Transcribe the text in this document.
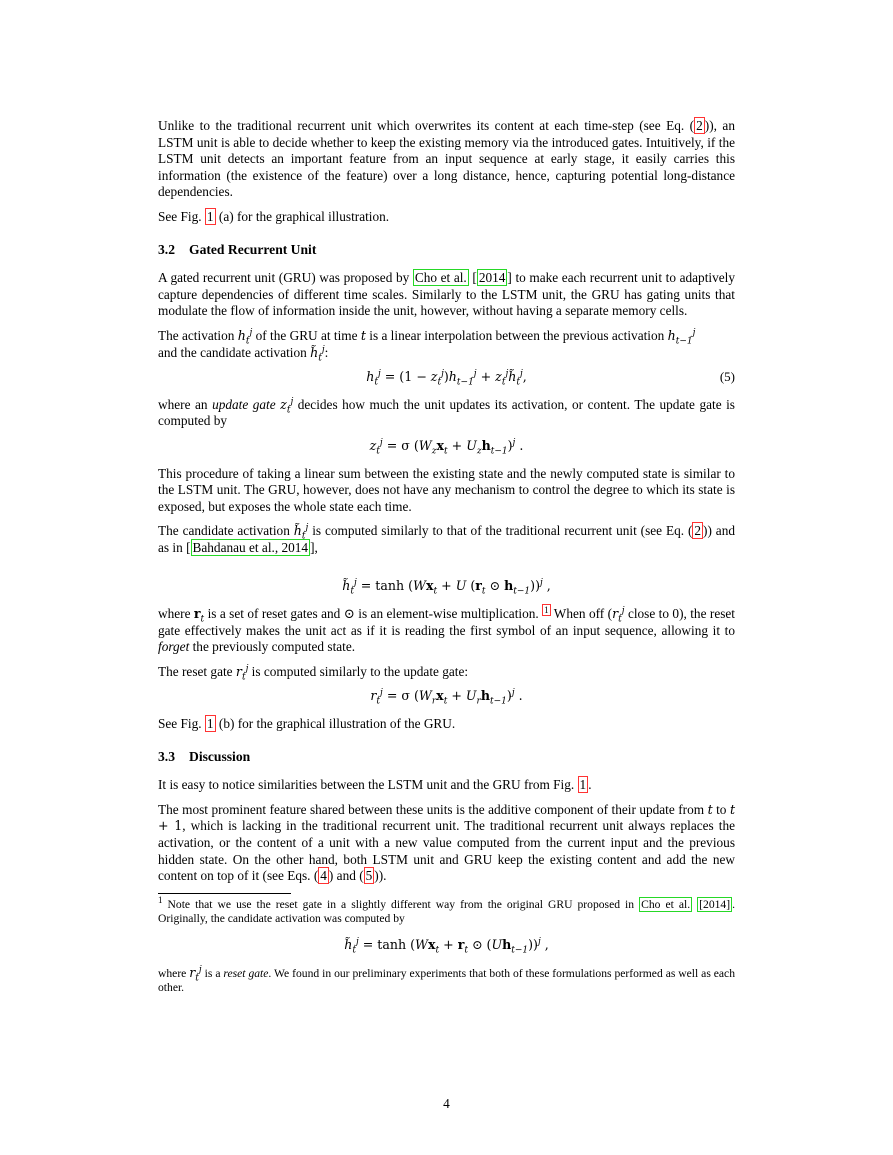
Unlike to the traditional recurrent unit which overwrites its content at each time-step (see Eq. ( 2 )), an LSTM unit is able to decide whether to keep the existing memory via the introduced gates. Intuitively, if the LSTM unit detects an important feature from an input sequence at early stage, it easily carries this information (the existence of the feature) over a long distance, hence, capturing potential long-distance dependencies.

See Fig. 1 (a) for the graphical illustration.

3.2 Gated Recurrent Unit

A gated recurrent unit (GRU) was proposed by Cho et al. [ 2014 ] to make each recurrent unit to adaptively capture dependencies of different time scales. Similarly to the LSTM unit, the GRU has gating units that modulate the flow of information inside the unit, however, without having a separate memory cells.

The activation $h_t^j$ of the GRU at time t is a linear interpolation between the previous activation $h_{t-1}^j$
and the candidate activation $h̃_t^j$:

$h_t^j = (1 - z_t^j)h_{t-1}^j$ + $z_t^jh̃_t^j$,	(5)

where an update gate $z_t^j$ decides how much the unit updates its activation, or content. The update gate is computed by

$z_t^j = \sigma$ $(W_zx_t + U_zh_{t-1})^j$ .

This procedure of taking a linear sum between the existing state and the newly computed state is similar to the LSTM unit. The GRU, however, does not have any mechanism to control the degree to which its state is exposed, but exposes the whole state each time.

The candidate activation $h̃_t^j$ is computed similarly to that of the traditional recurrent unit (see Eq. ( 2 )) and as in [ Bahdanau et al., 2014 ],

$h̃_t^j = \tanh (Wx_t + U$ ($r_t$ ⊙ $h_{t-1}))^j$ ,

where $r_t$ is a set of reset gates and ⊙ is an element-wise multiplication. $^1$ When off ($r_t^j$ close to 0), the reset gate effectively makes the unit act as if it is reading the first symbol of an input sequence, allowing it to forget the previously computed state.

The reset gate $r_t^j$ is computed similarly to the update gate:

$r_t^j = \sigma$ $(W_rx_t + U_rh_{t-1})^j$ .

See Fig. 1 (b) for the graphical illustration of the GRU.

3.3 Discussion

It is easy to notice similarities between the LSTM unit and the GRU from Fig. 1 .

The most prominent feature shared between these units is the additive component of their update from t to t + 1, which is lacking in the traditional recurrent unit. The traditional recurrent unit always replaces the activation, or the content of a unit with a new value computed from the current input and the previous hidden state. On the other hand, both LSTM unit and GRU keep the existing content and add the new content on top of it (see Eqs. ( 4 ) and ( 5 )).

$^1$ Note that we use the reset gate in a slightly different way from the original GRU proposed in Cho et al. [2014] . Originally, the candidate activation was computed by

$h̃_t^j = \tanh (Wx_t + r_t$ ⊙ $(Uh_{t-1}))^j$ ,

where $r_t^j$ is a reset gate. We found in our preliminary experiments that both of these formulations performed as well as each other.

4
